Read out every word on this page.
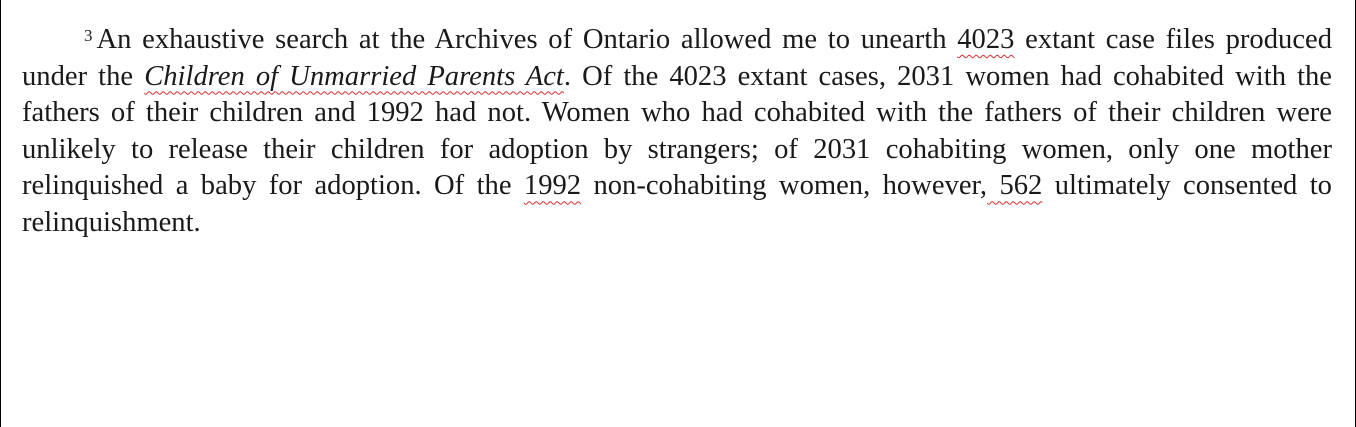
$^3$ An exhaustive search at the Archives of Ontario allowed me to unearth 4023 extant case files produced under the Children of Unmarried Parents Act. Of the 4023 extant cases, 2031 women had cohabited with the fathers of their children and 1992 had not. Women who had cohabited with the fathers of their children were unlikely to release their children for adoption by strangers; of 2031 cohabiting women, only one mother relinquished a baby for adoption. Of the 1992 non-cohabiting women, however, 562 ultimately consented to relinquishment.
